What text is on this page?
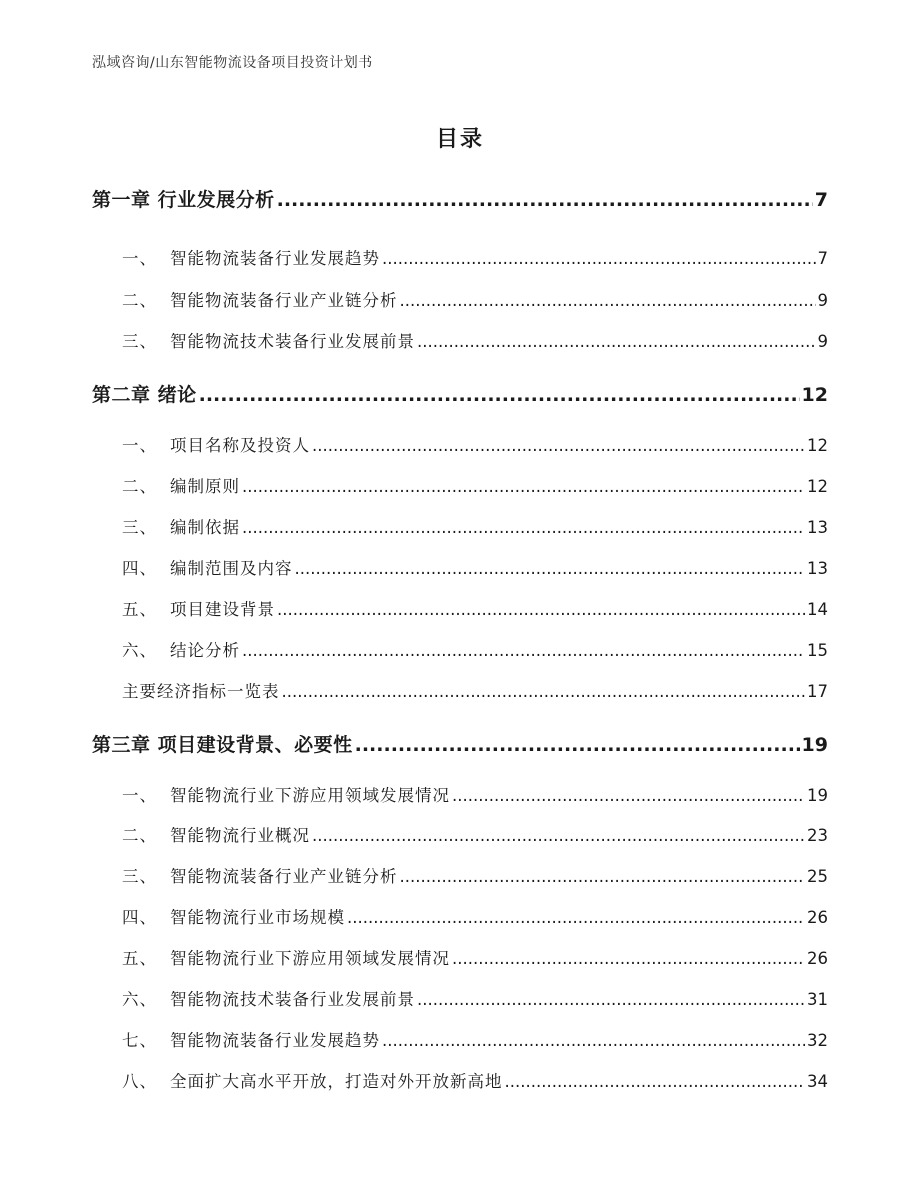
泓域咨询/山东智能物流设备项目投资计划书
目录
第一章 行业发展分析 .....	7
一、 智能物流装备行业发展趋势 .....	7
二、 智能物流装备行业产业链分析 .....	9
三、 智能物流技术装备行业发展前景 .....	9
第二章 绪论 .....	12
一、 项目名称及投资人 .....	12
二、 编制原则 .....	12
三、 编制依据 .....	13
四、 编制范围及内容 .....	13
五、 项目建设背景 .....	14
六、 结论分析 .....	15
主要经济指标一览表 .....	17
第三章 项目建设背景、必要性 .....	19
一、 智能物流行业下游应用领域发展情况 .....	19
二、 智能物流行业概况 .....	23
三、 智能物流装备行业产业链分析 .....	25
四、 智能物流行业市场规模 .....	26
五、 智能物流行业下游应用领域发展情况 .....	26
六、 智能物流技术装备行业发展前景 .....	31
七、 智能物流装备行业发展趋势 .....	32
八、 全面扩大高水平开放，打造对外开放新高地 .....	34
